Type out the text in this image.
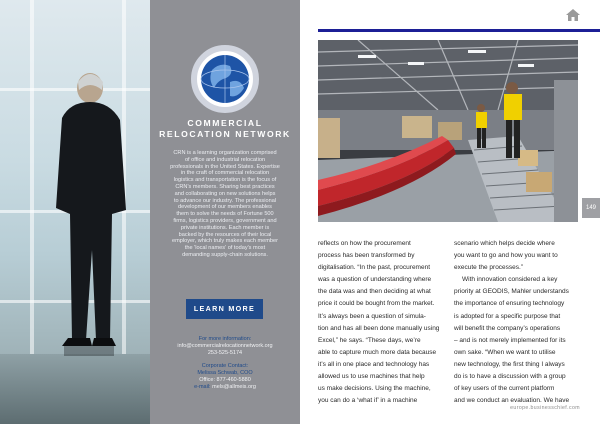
COMMERCIAL
RELOCATION NETWORK
CRN is a learning organization comprised
of office and industrial relocation
professionals in the United States. Expertise
in the craft of commercial relocation
logistics and transportation is the focus of
CRN's members. Sharing best practices
and collaborating on new solutions helps
to advance our industry. The professional
development of our members enables
them to solve the needs of Fortune 500
firms, logistics providers, government and
private institutions. Each member is
backed by the resources of their local
employer, which truly makes each member
the 'local names' of today's most
demanding supply-chain solutions.
LEARN MORE
For more information:
info@commercialrelocationnetwork.org
253-525-5174
Corporate Contact:
Melissa Schwab, COO
Office: 877-460-5880
e-mail: mels@allmeis.org
149
reflects on how the procurement
process has been transformed by
digitalisation. “In the past, procurement
was a question of understanding where
the data was and then deciding at what
price it could be bought from the market.
It’s always been a question of simula-
tion and has all been done manually using
Excel,” he says. “These days, we’re
able to capture much more data because
it’s all in one place and technology has
allowed us to use machines that help
us make decisions. Using the machine,
you can do a ‘what if’ in a machine
scenario which helps decide where
you want to go and how you want to
execute the processes.”
With innovation considered a key
priority at GEODIS, Mahler understands
the importance of ensuring technology
is adopted for a specific purpose that
will benefit the company’s operations
– and is not merely implemented for its
own sake. “When we want to utilise
new technology, the first thing I always
do is to have a discussion with a group
of key users of the current platform
and we conduct an evaluation. We have
europe.businesschief.com
